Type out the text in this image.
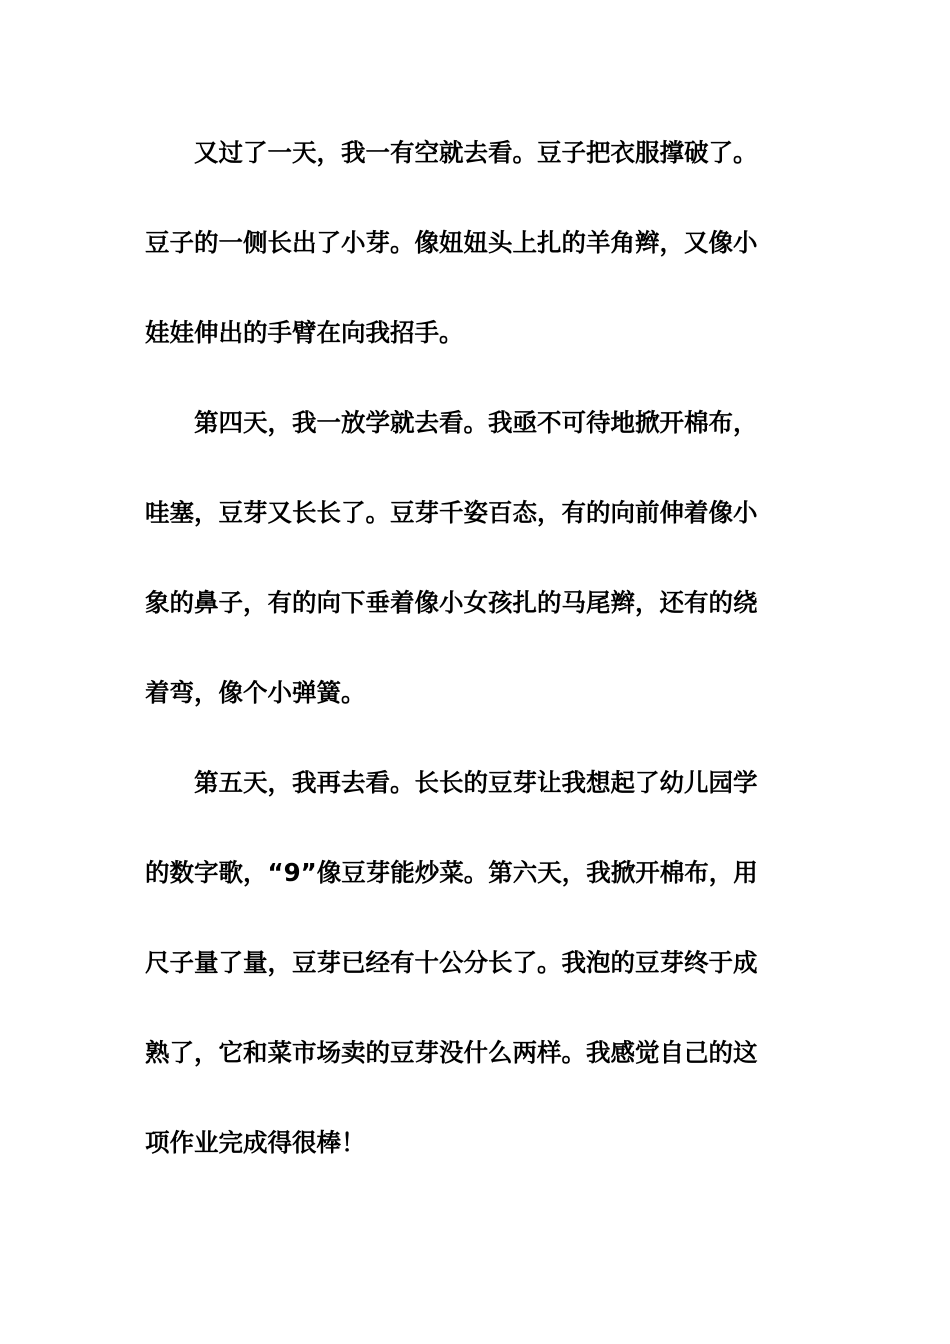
又过了一天，我一有空就去看。豆子把衣服撑破了。
豆子的一侧长出了小芽。像妞妞头上扎的羊角辫，又像小
娃娃伸出的手臂在向我招手。
第四天，我一放学就去看。我亟不可待地掀开棉布，
哇塞，豆芽又长长了。豆芽千姿百态，有的向前伸着像小
象的鼻子，有的向下垂着像小女孩扎的马尾辫，还有的绕
着弯，像个小弹簧。
第五天，我再去看。长长的豆芽让我想起了幼儿园学
的数字歌，“9”像豆芽能炒菜。第六天，我掀开棉布，用
尺子量了量，豆芽已经有十公分长了。我泡的豆芽终于成
熟了，它和菜市场卖的豆芽没什么两样。我感觉自己的这
项作业完成得很棒！
